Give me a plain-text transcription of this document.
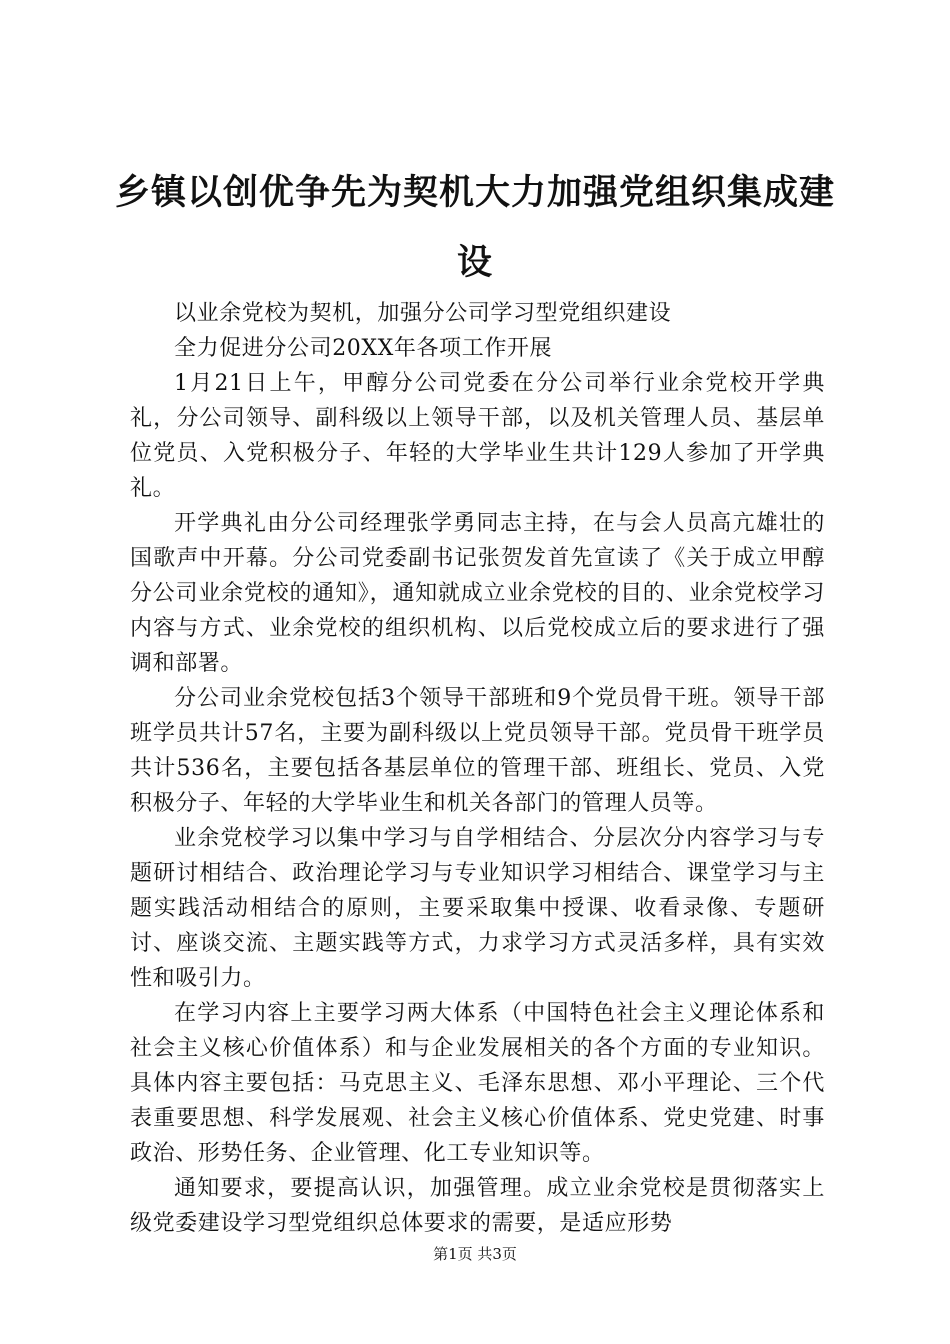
乡镇以创优争先为契机大力加强党组织集成建设

以业余党校为契机，加强分公司学习型党组织建设

全力促进分公司20XX年各项工作开展

1月21日上午，甲醇分公司党委在分公司举行业余党校开学典礼，分公司领导、副科级以上领导干部，以及机关管理人员、基层单位党员、入党积极分子、年轻的大学毕业生共计129人参加了开学典礼。

开学典礼由分公司经理张学勇同志主持，在与会人员高亢雄壮的国歌声中开幕。分公司党委副书记张贺发首先宣读了《关于成立甲醇分公司业余党校的通知》，通知就成立业余党校的目的、业余党校学习内容与方式、业余党校的组织机构、以后党校成立后的要求进行了强调和部署。

分公司业余党校包括3个领导干部班和9个党员骨干班。领导干部班学员共计57名，主要为副科级以上党员领导干部。党员骨干班学员共计536名，主要包括各基层单位的管理干部、班组长、党员、入党积极分子、年轻的大学毕业生和机关各部门的管理人员等。

业余党校学习以集中学习与自学相结合、分层次分内容学习与专题研讨相结合、政治理论学习与专业知识学习相结合、课堂学习与主题实践活动相结合的原则，主要采取集中授课、收看录像、专题研讨、座谈交流、主题实践等方式，力求学习方式灵活多样，具有实效性和吸引力。

在学习内容上主要学习两大体系（中国特色社会主义理论体系和社会主义核心价值体系）和与企业发展相关的各个方面的专业知识。具体内容主要包括：马克思主义、毛泽东思想、邓小平理论、三个代表重要思想、科学发展观、社会主义核心价值体系、党史党建、时事政治、形势任务、企业管理、化工专业知识等。

通知要求，要提高认识，加强管理。成立业余党校是贯彻落实上级党委建设学习型党组织总体要求的需要，是适应形势

第1页 共3页
